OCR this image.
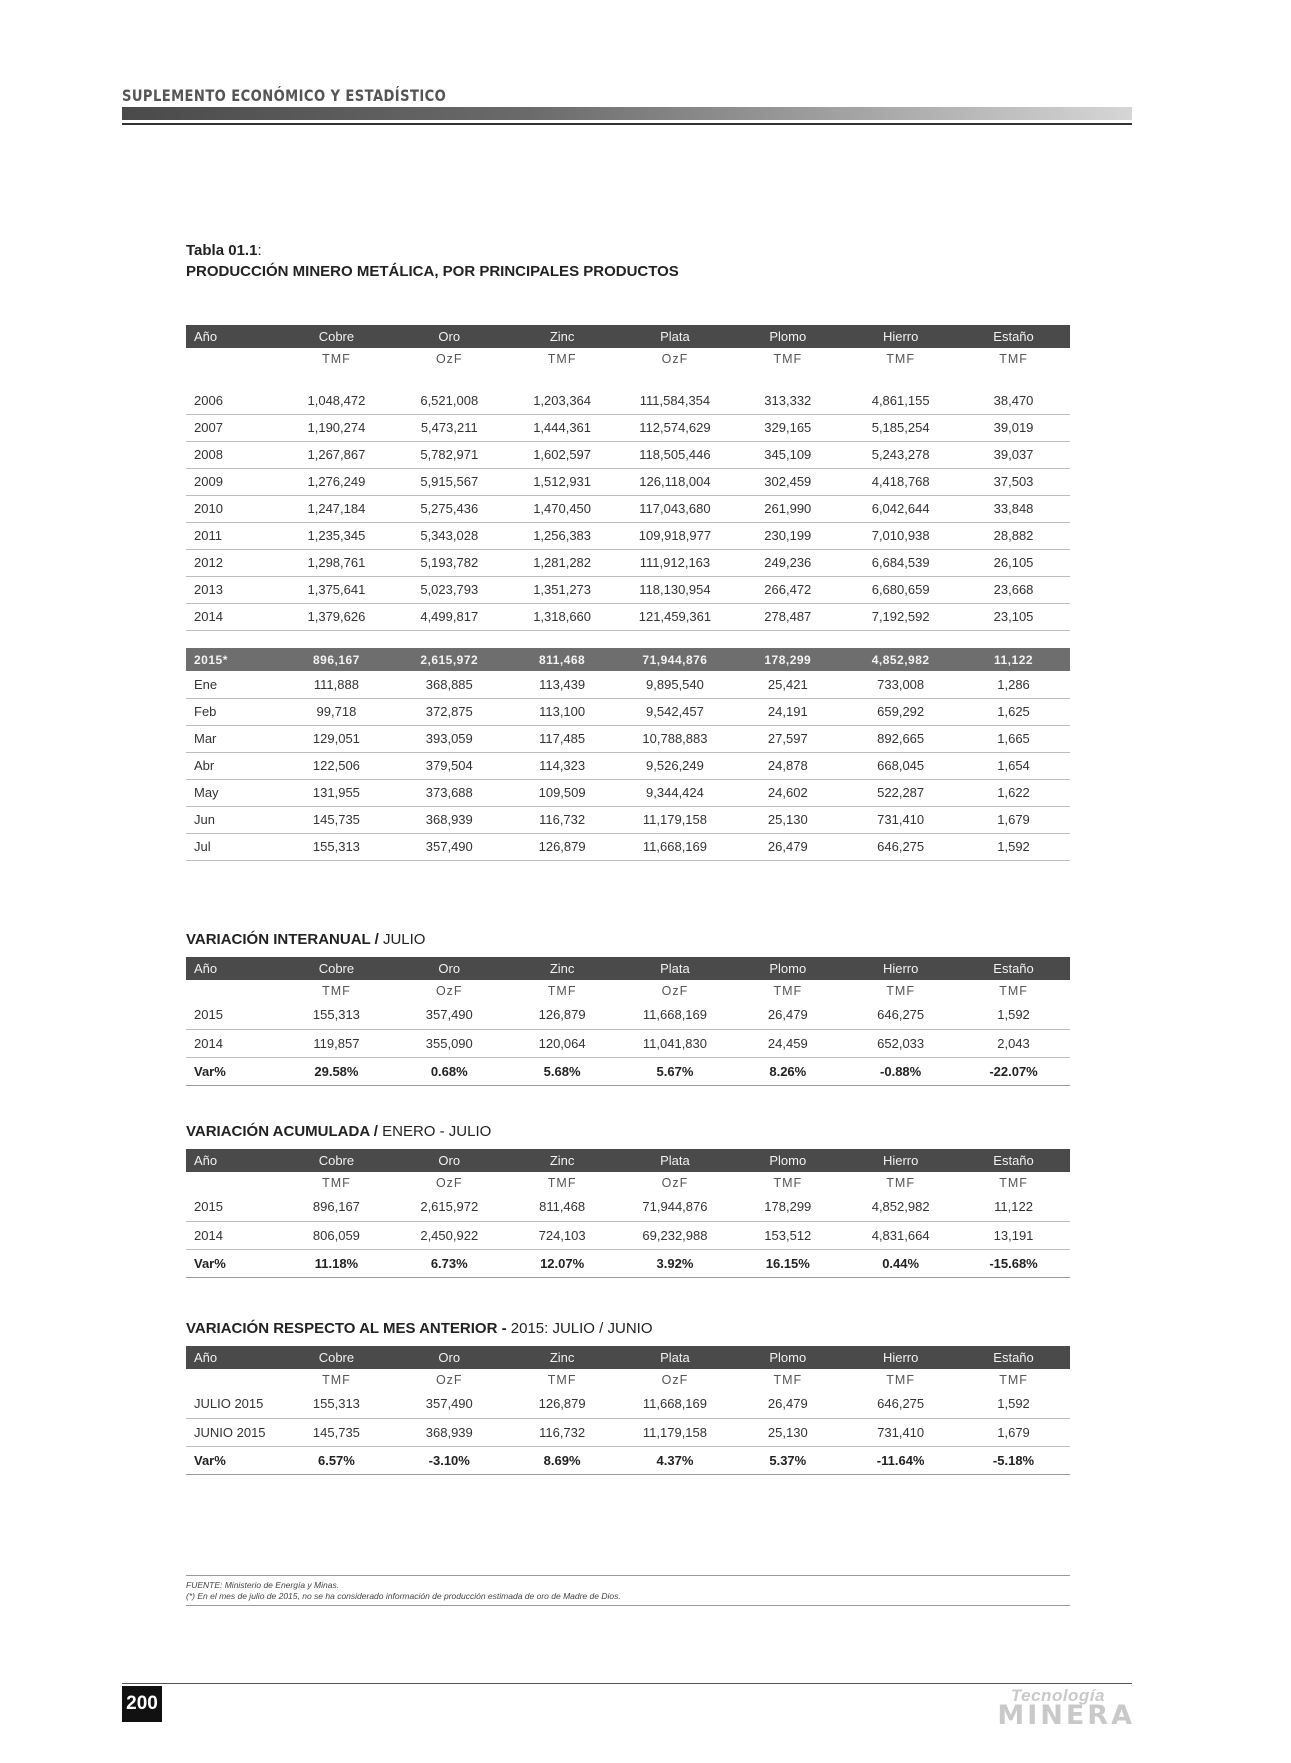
SUPLEMENTO ECONÓMICO Y ESTADÍSTICO
Tabla 01.1:
PRODUCCIÓN MINERO METÁLICA, POR PRINCIPALES PRODUCTOS
Año	Cobre	Oro	Zinc	Plata	Plomo	Hierro	Estaño
	TMF	OzF	TMF	OzF	TMF	TMF	TMF

2006	1,048,472	6,521,008	1,203,364	111,584,354	313,332	4,861,155	38,470
2007	1,190,274	5,473,211	1,444,361	112,574,629	329,165	5,185,254	39,019
2008	1,267,867	5,782,971	1,602,597	118,505,446	345,109	5,243,278	39,037
2009	1,276,249	5,915,567	1,512,931	126,118,004	302,459	4,418,768	37,503
2010	1,247,184	5,275,436	1,470,450	117,043,680	261,990	6,042,644	33,848
2011	1,235,345	5,343,028	1,256,383	109,918,977	230,199	7,010,938	28,882
2012	1,298,761	5,193,782	1,281,282	111,912,163	249,236	6,684,539	26,105
2013	1,375,641	5,023,793	1,351,273	118,130,954	266,472	6,680,659	23,668
2014	1,379,626	4,499,817	1,318,660	121,459,361	278,487	7,192,592	23,105

2015*	896,167	2,615,972	811,468	71,944,876	178,299	4,852,982	11,122
Ene	111,888	368,885	113,439	9,895,540	25,421	733,008	1,286
Feb	99,718	372,875	113,100	9,542,457	24,191	659,292	1,625
Mar	129,051	393,059	117,485	10,788,883	27,597	892,665	1,665
Abr	122,506	379,504	114,323	9,526,249	24,878	668,045	1,654
May	131,955	373,688	109,509	9,344,424	24,602	522,287	1,622
Jun	145,735	368,939	116,732	11,179,158	25,130	731,410	1,679
Jul	155,313	357,490	126,879	11,668,169	26,479	646,275	1,592
VARIACIÓN INTERANUAL / JULIO
Año	Cobre	Oro	Zinc	Plata	Plomo	Hierro	Estaño
	TMF	OzF	TMF	OzF	TMF	TMF	TMF
2015	155,313	357,490	126,879	11,668,169	26,479	646,275	1,592
2014	119,857	355,090	120,064	11,041,830	24,459	652,033	2,043
Var%	29.58%	0.68%	5.68%	5.67%	8.26%	-0.88%	-22.07%
VARIACIÓN ACUMULADA / ENERO - JULIO
Año	Cobre	Oro	Zinc	Plata	Plomo	Hierro	Estaño
	TMF	OzF	TMF	OzF	TMF	TMF	TMF
2015	896,167	2,615,972	811,468	71,944,876	178,299	4,852,982	11,122
2014	806,059	2,450,922	724,103	69,232,988	153,512	4,831,664	13,191
Var%	11.18%	6.73%	12.07%	3.92%	16.15%	0.44%	-15.68%
VARIACIÓN RESPECTO AL MES ANTERIOR - 2015: JULIO / JUNIO
Año	Cobre	Oro	Zinc	Plata	Plomo	Hierro	Estaño
	TMF	OzF	TMF	OzF	TMF	TMF	TMF
JULIO 2015	155,313	357,490	126,879	11,668,169	26,479	646,275	1,592
JUNIO 2015	145,735	368,939	116,732	11,179,158	25,130	731,410	1,679
Var%	6.57%	-3.10%	8.69%	4.37%	5.37%	-11.64%	-5.18%
FUENTE: Ministerio de Energía y Minas.
(*) En el mes de julio de 2015, no se ha considerado información de producción estimada de oro de Madre de Dios.
200	Tecnología
MINERA
